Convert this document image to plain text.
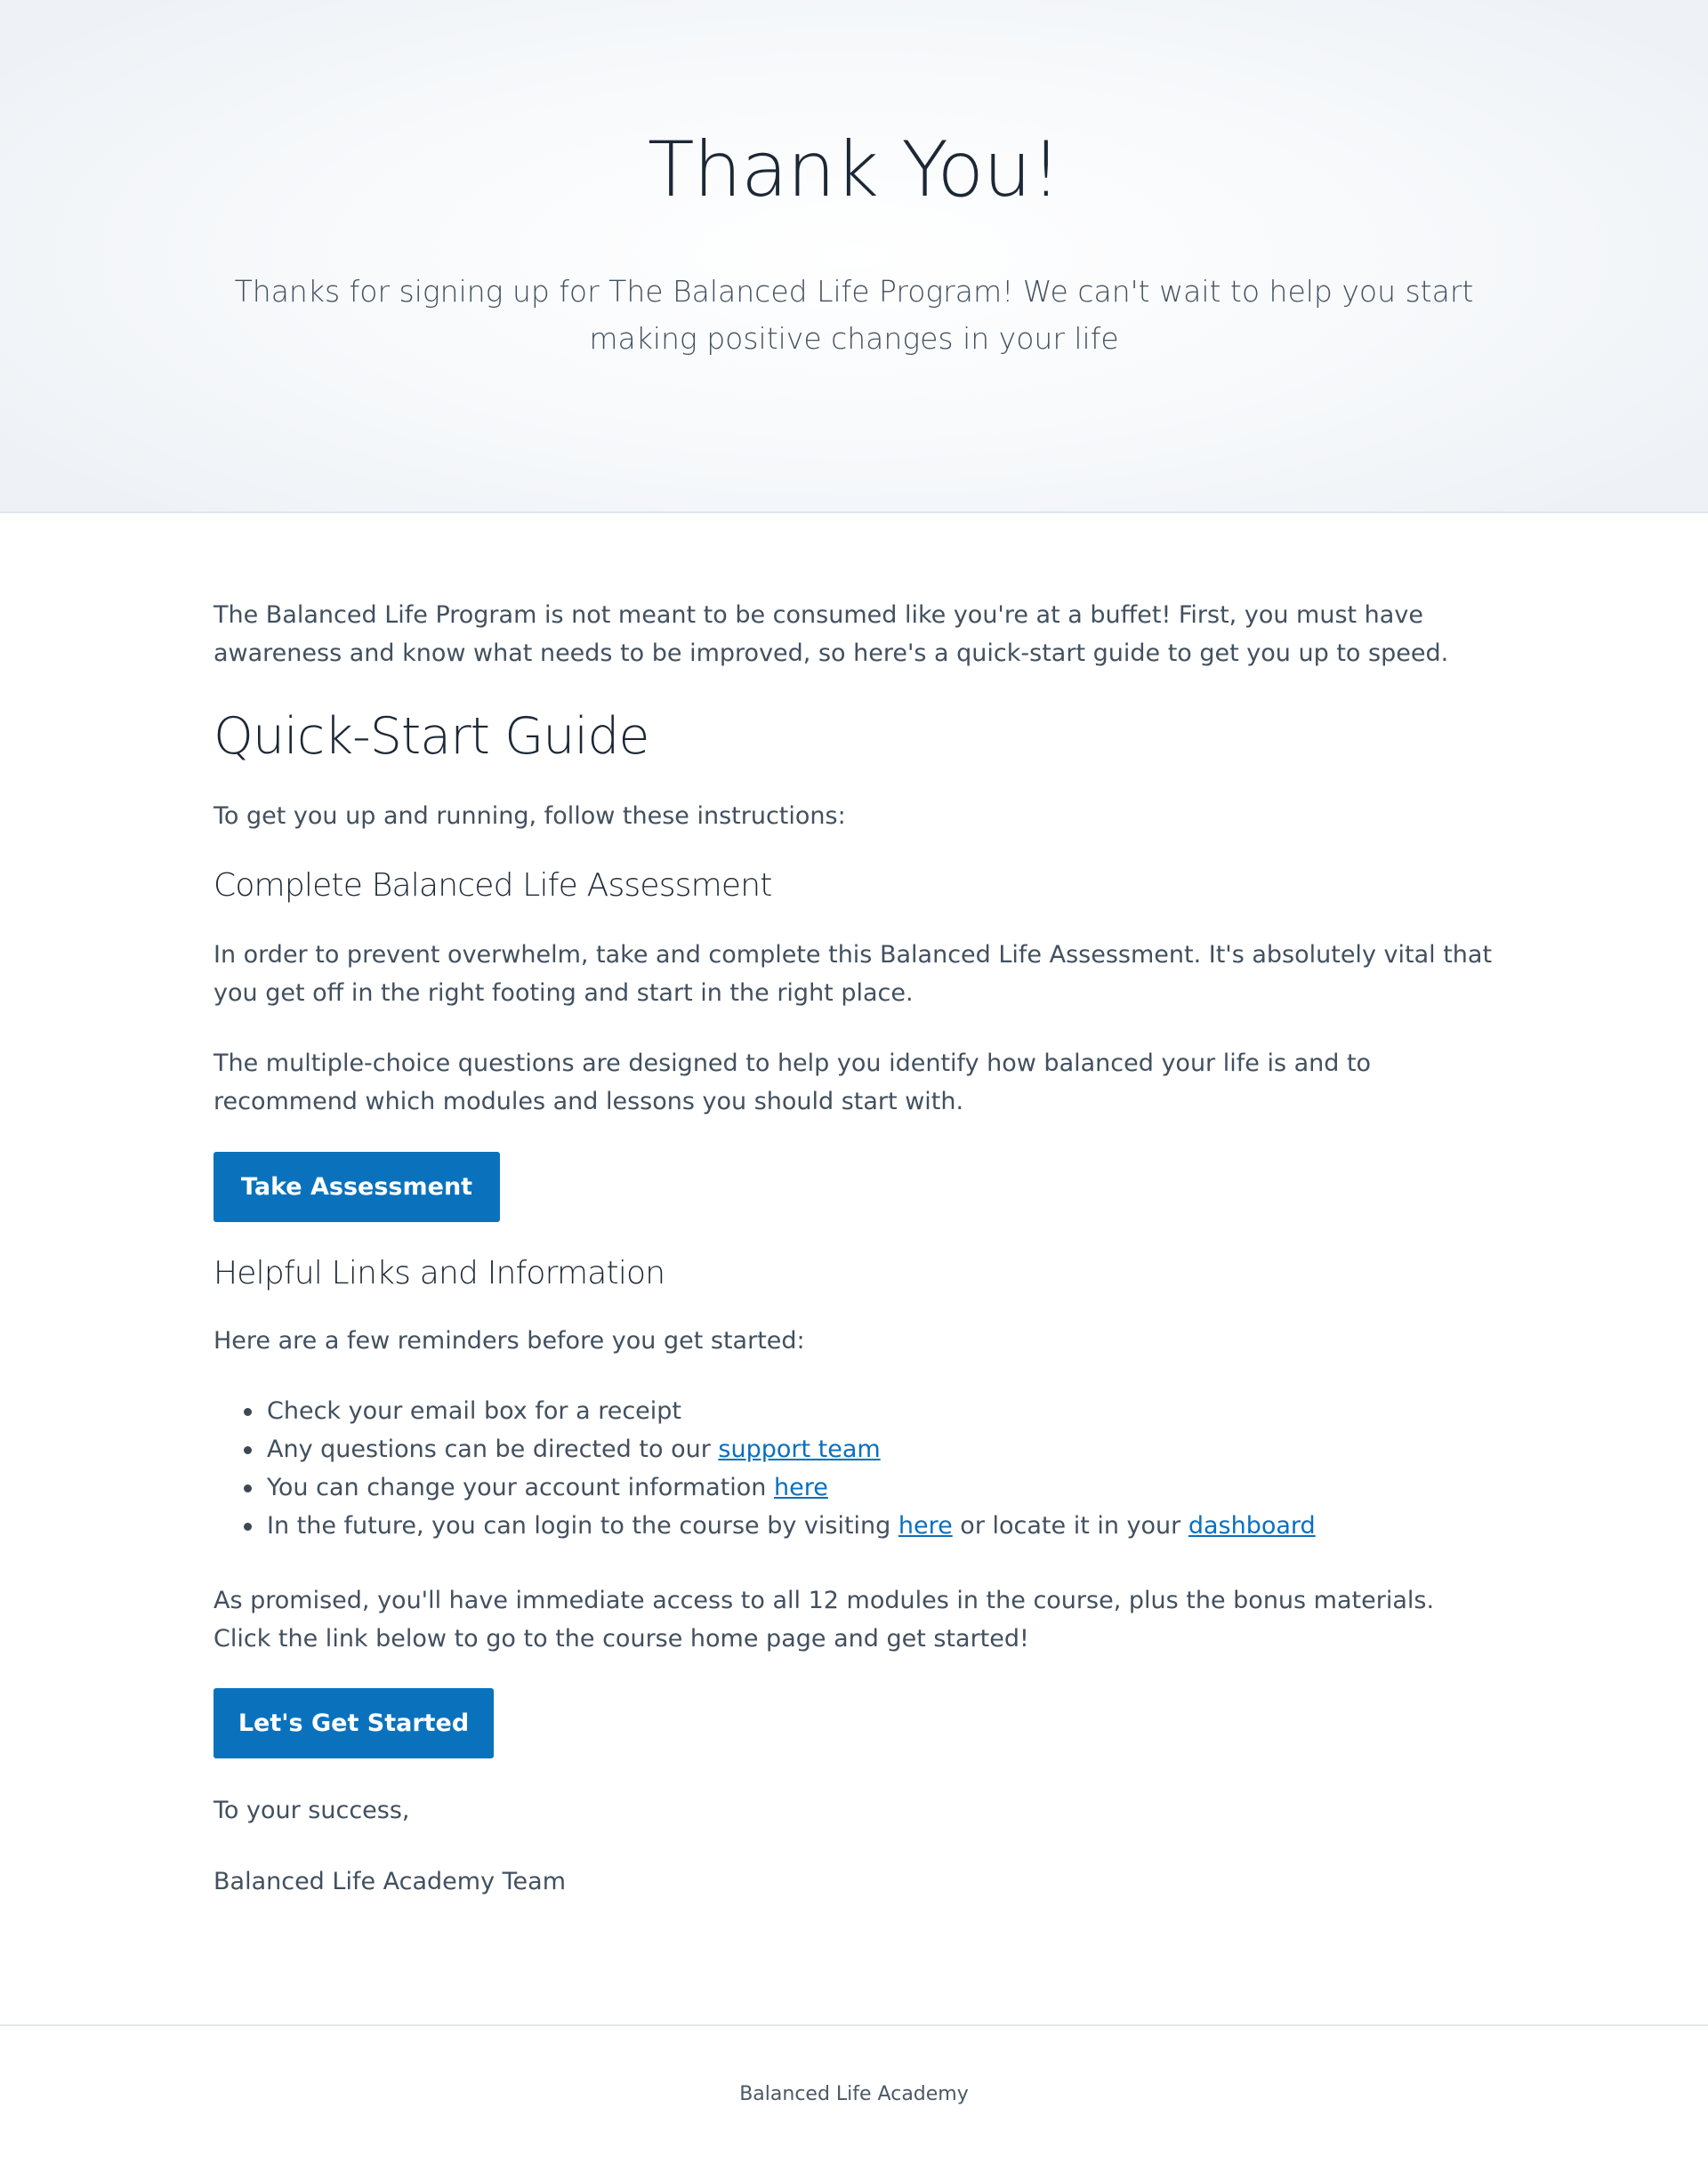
Thank You!

Thanks for signing up for The Balanced Life Program! We can't wait to help you start making positive changes in your life

The Balanced Life Program is not meant to be consumed like you're at a buffet! First, you must have awareness and know what needs to be improved, so here's a quick-start guide to get you up to speed.

Quick-Start Guide

To get you up and running, follow these instructions:

Complete Balanced Life Assessment

In order to prevent overwhelm, take and complete this Balanced Life Assessment. It's absolutely vital that you get off in the right footing and start in the right place.

The multiple-choice questions are designed to help you identify how balanced your life is and to recommend which modules and lessons you should start with.

Take Assessment
Helpful Links and Information

Here are a few reminders before you get started:

Check your email box for a receipt
Any questions can be directed to our support team
You can change your account information here
In the future, you can login to the course by visiting here or locate it in your dashboard

As promised, you'll have immediate access to all 12 modules in the course, plus the bonus materials. Click the link below to go to the course home page and get started!

Let's Get Started

To your success,

Balanced Life Academy Team

Balanced Life Academy
